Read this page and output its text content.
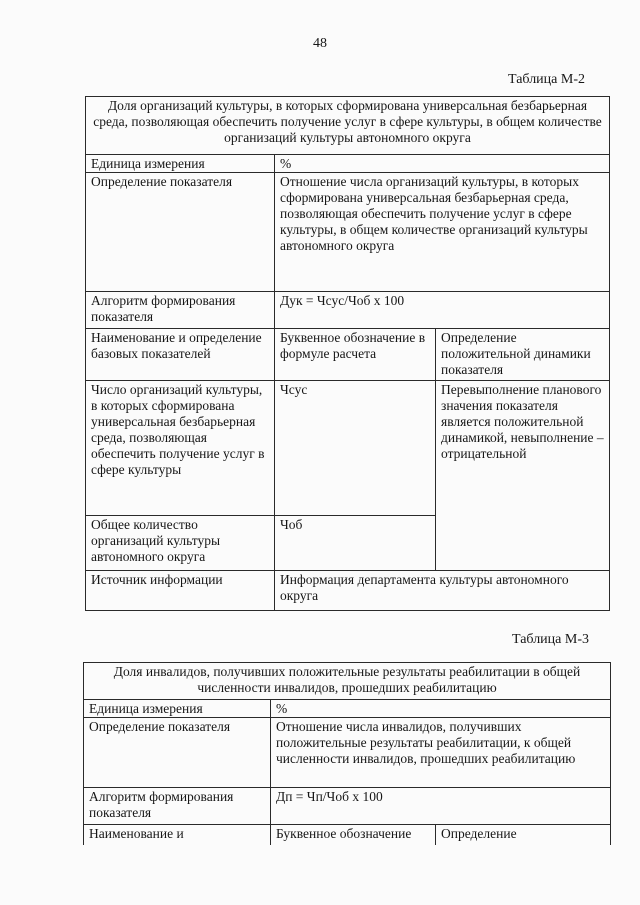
48
Таблица М-2
Доля организаций культуры, в которых сформирована универсальная безбарьерная среда, позволяющая обеспечить получение услуг в сфере культуры, в общем количестве организаций культуры автономного округа		
Единица измерения	%	
Определение показателя	Отношение числа организаций культуры, в которых сформирована универсальная безбарьерная среда, позволяющая обеспечить получение услуг в сфере культуры, в общем количестве организаций культуры автономного округа	
Алгоритм формирования показателя	Дук = Чсус/Чоб x 100	
Наименование и определение базовых показателей	Буквенное обозначение в формуле расчета	Определение положительной динамики показателя
Число организаций культуры, в которых сформирована универсальная безбарьерная среда, позволяющая обеспечить получение услуг в сфере культуры	Чсус	Перевыполнение планового значения показателя является положительной динамикой, невыполнение – отрицательной
Общее количество организаций культуры автономного округа	Чоб	
Источник информации	Информация департамента культуры автономного округа	
Таблица М-3
Доля инвалидов, получивших положительные результаты реабилитации в общей численности инвалидов, прошедших реабилитацию		
Единица измерения	%	
Определение показателя	Отношение числа инвалидов, получивших положительные результаты реабилитации, к общей численности инвалидов, прошедших реабилитацию	
Алгоритм формирования показателя	Дп = Чп/Чоб x 100	
Наименование и	Буквенное обозначение	Определение
